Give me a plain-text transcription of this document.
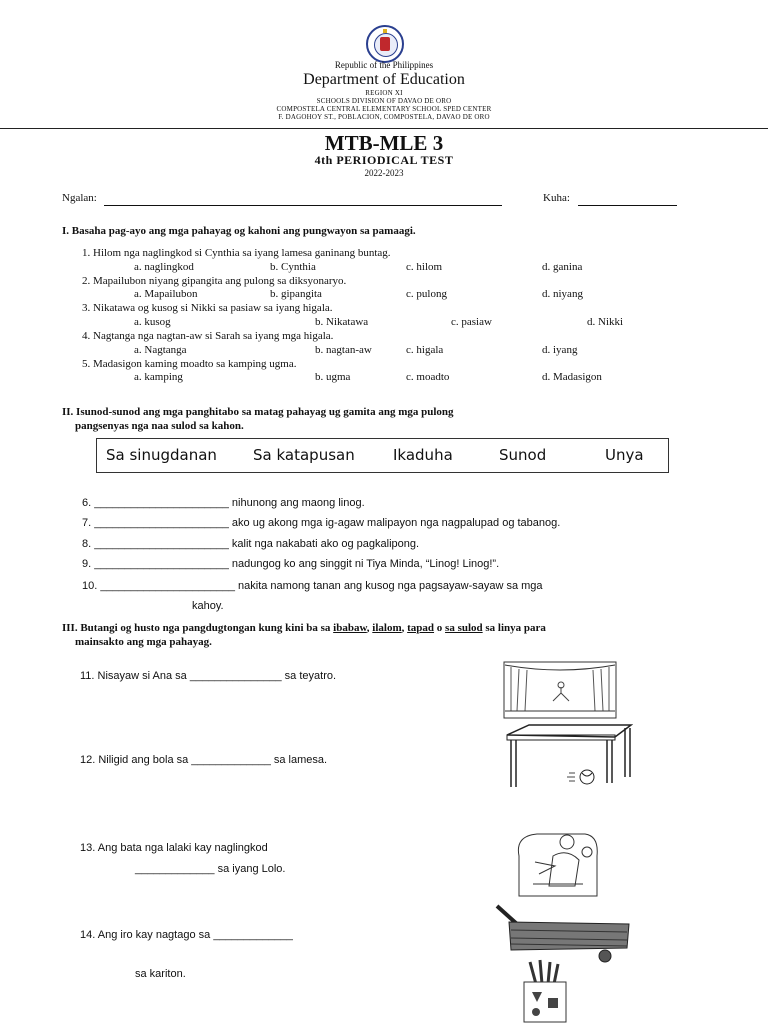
Republic of the Philippines
Department of Education
REGION XI
SCHOOLS DIVISION OF DAVAO DE ORO
COMPOSTELA CENTRAL ELEMENTARY SCHOOL SPED CENTER
F. DAGOHOY ST., POBLACION, COMPOSTELA, DAVAO DE ORO
MTB-MLE 3
4th PERIODICAL TEST
2022-2023
Ngalan:	Kuha:
I. Basaha pag-ayo ang mga pahayag og kahoni ang pungwayon sa pamaagi.
1. Hilom nga naglingkod si Cynthia sa iyang lamesa ganinang buntag.
a. naglingkod	b. Cynthia	c. hilom	d. ganina
2. Mapailubon niyang gipangita ang pulong sa diksyonaryo.
a. Mapailubon	b. gipangita	c. pulong	d. niyang
3. Nikatawa og kusog si Nikki sa pasiaw sa iyang higala.
a. kusog	b. Nikatawa	c. pasiaw	d. Nikki
4. Nagtanga nga nagtan-aw si Sarah sa iyang mga higala.
a. Nagtanga	b. nagtan-aw	c. higala	d. iyang
5. Madasigon kaming moadto sa kamping ugma.
a. kamping	b. ugma	c. moadto	d. Madasigon
II. Isunod-sunod ang mga panghitabo sa matag pahayag ug gamita ang mga pulong
pangsenyas nga naa sulod sa kahon.
Sa sinugdanan Sa katapusan	Ikaduha	Sunod	Unya
6. ______________________ nihunong ang maong linog.
7. ______________________ ako ug akong mga ig-agaw malipayon nga nagpalupad og tabanog.
8. ______________________ kalit nga nakabati ako og pagkalipong.
9. ______________________ nadungog ko ang singgit ni Tiya Minda, “Linog! Linog!”.
10. ______________________ nakita namong tanan ang kusog nga pagsayaw-sayaw sa mga
kahoy.
III. Butangi og husto nga pangdugtongan kung kini ba sa ibabaw, ilalom, tapad o sa sulod sa linya para
mainsakto ang mga pahayag.
11. Nisayaw si Ana sa _______________ sa teyatro.
12. Niligid ang bola sa _____________ sa lamesa.
13. Ang bata nga lalaki kay naglingkod
_____________ sa iyang Lolo.
14. Ang iro kay nagtago sa _____________
sa kariton.
